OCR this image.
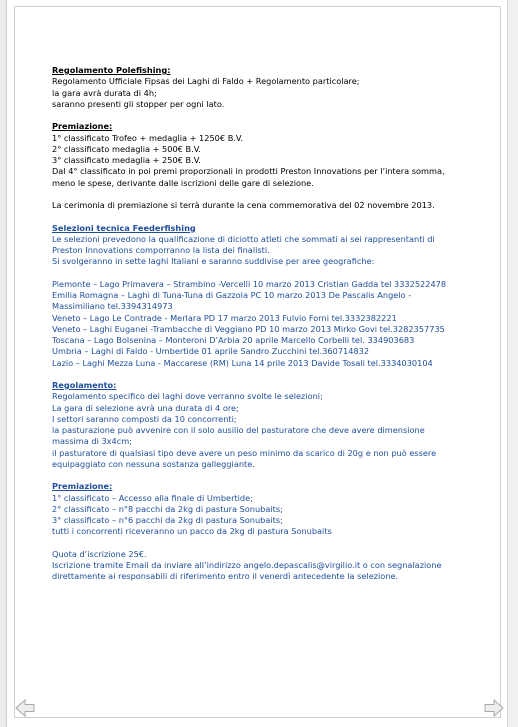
Regolamento Polefishing:
Regolamento Ufficiale Fipsas dei Laghi di Faldo + Regolamento particolare;
la gara avrà durata di 4h;
saranno presenti gli stopper per ogni lato.
Premiazione:
1° classificato Trofeo + medaglia + 1250€ B.V.
2° classificato medaglia + 500€ B.V.
3° classificato medaglia + 250€ B.V.
Dal 4° classificato in poi premi proporzionali in prodotti Preston Innovations per l’intera somma,
meno le spese, derivante dalle iscrizioni delle gare di selezione.
La cerimonia di premiazione si terrà durante la cena commemorativa del 02 novembre 2013.
Selezioni tecnica Feederfishing
Le selezioni prevedono la qualificazione di diciotto atleti che sommati ai sei rappresentanti di
Preston Innovations comporranno la lista dei finalisti.
Si svolgeranno in sette laghi Italiani e saranno suddivise per aree geografiche:
Piemonte – Lago Primavera – Strambino -Vercelli 10 marzo 2013 Cristian Gadda tel 3332522478
Emilia Romagna – Laghi di Tuna-Tuna di Gazzola PC 10 marzo 2013 De Pascalis Angelo -
Massimiliano tel.3394314973
Veneto – Lago Le Contrade - Merlara PD 17 marzo 2013 Fulvio Forni tel.3332382221
Veneto – Laghi Euganei -Trambacche di Veggiano PD 10 marzo 2013 Mirko Govi tel.3282357735
Toscana – Lago Bolsenina – Monteroni D’Arbia 20 aprile Marcello Corbelli tel. 334903683
Umbria – Laghi di Faldo - Umbertide 01 aprile Sandro Zucchini tel.360714832
Lazio – Laghi Mezza Luna - Maccarese (RM) Luna 14 prile 2013 Davide Tosali tel.3334030104
Regolamento:
Regolamento specifico dei laghi dove verranno svolte le selezioni;
La gara di selezione avrà una durata di 4 ore;
I settori saranno composti da 10 concorrenti;
la pasturazione può avvenire con il solo ausilio del pasturatore che deve avere dimensione
massima di 3x4cm;
il pasturatore di qualsiasi tipo deve avere un peso minimo da scarico di 20g e non può essere
equipaggiato con nessuna sostanza galleggiante.
Premiazione:
1° classificato – Accesso alla finale di Umbertide;
2° classificato – n°8 pacchi da 2kg di pastura Sonubaits;
3° classificato – n°6 pacchi da 2kg di pastura Sonubaits;
tutti i concorrenti riceveranno un pacco da 2kg di pastura Sonubaits
Quota d’iscrizione 25€.
Iscrizione tramite Email da inviare all’indirizzo angelo.depascalis@virgilio.it o con segnalazione
direttamente ai responsabili di riferimento entro il venerdì antecedente la selezione.
